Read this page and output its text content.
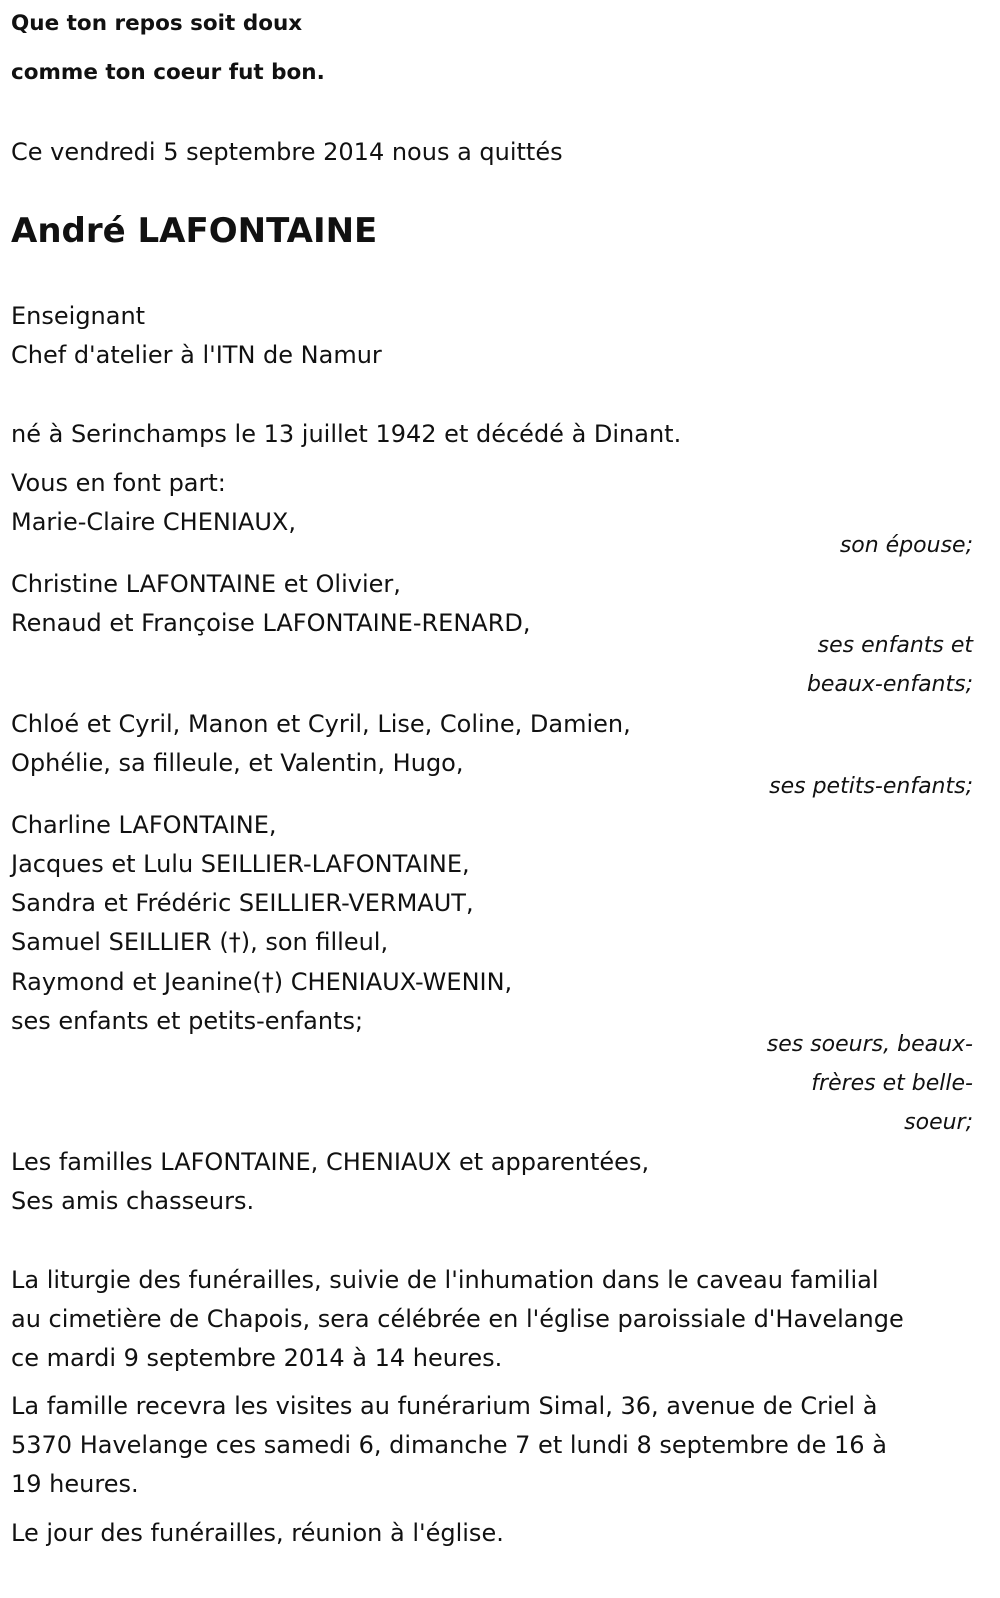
Que ton repos soit doux
comme ton coeur fut bon.
Ce vendredi 5 septembre 2014 nous a quittés
André LAFONTAINE
Enseignant
Chef d'atelier à l'ITN de Namur
né à Serinchamps le 13 juillet 1942 et décédé à Dinant.
Vous en font part:
Marie-Claire CHENIAUX,
son épouse;
Christine LAFONTAINE et Olivier,
Renaud et Françoise LAFONTAINE-RENARD,
ses enfants et
beaux-enfants;
Chloé et Cyril, Manon et Cyril, Lise, Coline, Damien,
Ophélie, sa filleule, et Valentin, Hugo,
ses petits-enfants;
Charline LAFONTAINE,
Jacques et Lulu SEILLIER-LAFONTAINE,
Sandra et Frédéric SEILLIER-VERMAUT,
Samuel SEILLIER (†), son filleul,
Raymond et Jeanine(†) CHENIAUX-WENIN,
ses enfants et petits-enfants;
ses soeurs, beaux-
frères et belle-
soeur;
Les familles LAFONTAINE, CHENIAUX et apparentées,
Ses amis chasseurs.
La liturgie des funérailles, suivie de l'inhumation dans le caveau familial
au cimetière de Chapois, sera célébrée en l'église paroissiale d'Havelange
ce mardi 9 septembre 2014 à 14 heures.
La famille recevra les visites au funérarium Simal, 36, avenue de Criel à
5370 Havelange ces samedi 6, dimanche 7 et lundi 8 septembre de 16 à
19 heures.
Le jour des funérailles, réunion à l'église.
